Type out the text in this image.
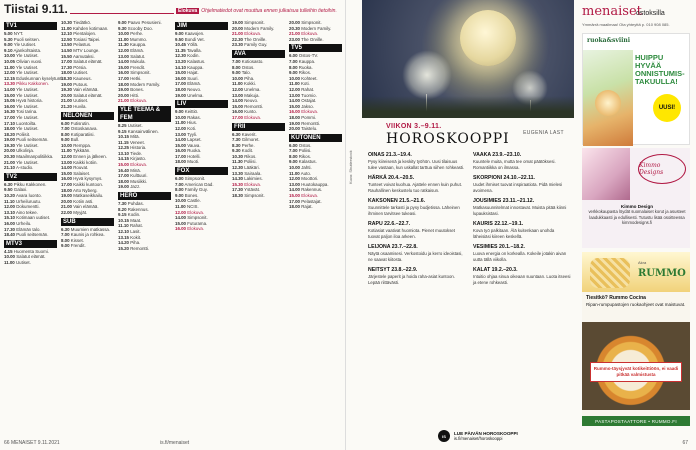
Tiistai 9.11.	Elokuva Ohjelmatiedot ovat muuttua ennen julkaisua tulleihin tietoihin.
TV1
5.00 NYT.
5.30 Puoli seitsen.
9.00 Yle Uutiset.
9.10 Ajankohtaista.
10.00 Yle Uutiset.
10.05 Olivian vuosi.
11.00 Yle Uutiset.
12.00 Yle Uutiset.
12.15 Eduskunnan kyselytunti.
13.30 Pikku Kakkonen.
14.00 Yle Uutiset.
15.00 Yle Uutiset.
15.05 Hyvä historia.
16.00 Yle Uutiset.
16.30 Tosi tarina.
17.00 Yle Uutiset.
17.10 Luontoilta.
18.00 Yle Uutiset.
18.20 Poliisit.
19.00 Puoli seitsemän.
19.30 Yle Uutiset.
20.00 Ulkolinja.
20.30 Maailmanpolitiikka.
21.00 Yle Uutiset.
21.10 A-studio.
TV2
6.30 Pikku Kakkonen.
9.50 Galaxi.
10.20 Avara luonto.
11.10 Urheiluruutu.
12.00 Dokumentti.
13.10 Aino tekee.
15.10 Kotimaan uutiset.
16.00 Urheilu.
17.30 Elämän talo.
18.40 Puoli seitsemän.
MTV3
4.15 Huomenta Suomi.
10.00 Salatut elämät.
11.00 Uutiset.
10.30 Tiedätkö.
11.00 Kahden kotimaan.
12.10 Pientalojen.
12.50 Tosiasi Taipei.
13.50 Pelastus.
14.50 MTV Lounge.
15.50 Aamutaksi.
17.00 Salatut elämät.
17.30 Pörsia.
18.00 Uutiset.
18.30 Kauneus.
19.00 Putous.
19.30 Vain elämää.
20.00 Salatut elämät.
21.00 Uutiset.
21.20 Huvila.
NELONEN
6.00 Futisrutin.
7.00 Ostoskanava.
8.00 Kotiparatiisi.
9.00 Bull.
10.00 Remppa.
11.00 Tykkään.
12.00 Ennen ja jälkeen.
13.00 Kaikki kotiin.
14.00 Rouvat.
15.00 Salaiset.
16.00 Hyvä kysymys.
17.00 Kaikki kuntoon.
18.00 Arto Nyberg.
19.00 Matkaseikkailu.
20.00 Kotiin asti.
21.00 Vain elämää.
22.00 Myyjät.
SUB
6.30 Muumien matkassa.
7.00 Kaunis ja rohkea.
8.00 Kisset.
9.00 Frendit.
9.00 Paavo Pesusieni.
9.30 Scooby Doo.
10.00 Perhe.
11.00 Mummo.
11.30 Kauppa.
12.00 Elämä.
13.00 Salatut.
14.00 Mukula.
15.00 Frendit.
16.00 Simpsonit.
17.00 Hetki.
18.00 Modern Family.
19.00 Bones.
20.00 Hitti.
21.00 Elokuva.
YLE TEEMA & FEM
8.25 Uutiset.
9.15 Kansainvälinen.
10.15 Mitä.
11.15 Veneet.
12.25 Historia.
13.10 Tiede.
14.15 Kirjasto.
15.00 Elokuva.
16.40 Minä.
17.00 Kulttuuri.
18.00 Musiikki.
19.00 Jazz.
HERO
7.30 Puhdas.
8.20 Rakennus.
9.15 Kodin.
10.15 Maat.
11.10 Rahat.
12.10 Lasit.
13.15 Kokit.
14.20 Piha.
15.20 Remontti.
JIM
9.00 Kaavojen.
9.50 Bondi Vet.
10.45 Yöllä.
11.35 Tavalla.
12.30 Kodin.
13.20 Kalastus.
14.10 Kauppa.
15.00 Hajat.
16.00 Suuri.
17.00 Elämä.
18.00 Neuvo.
19.00 Unelma.
LIV
9.00 Keittiö.
10.00 Rakas.
11.00 Hius.
12.00 Koti.
13.00 Tyyli.
14.00 Lapset.
15.00 Vauva.
16.00 Ruoka.
17.00 Hotelli.
18.00 Muoti.
FOX
6.00 Simpsonit.
7.00 American Dad.
8.00 Family Guy.
9.00 Bones.
10.00 Castle.
11.00 NCIS.
12.00 Elokuva.
14.00 Simpsonit.
15.00 Futurama.
16.00 Elokuva.
19.00 Simpsonit.
20.00 Modern Family.
21.00 Elokuva.
22.30 The Orville.
23.30 Family Guy.
AVA
7.00 Kotiosasto.
8.00 Ostos.
9.00 Talo.
10.00 Piha.
11.00 Kokki.
12.00 Unelma.
13.00 Makuja.
14.00 Neuvo.
15.00 Remontti.
16.00 Kunto.
17.00 Elokuva.
FRII
6.30 Kaverit.
7.30 Gilmoret.
8.30 Perhe.
9.30 Kodit.
10.30 Rikos.
11.30 Poliisi.
12.30 Lääkäri.
13.30 Sairaala.
14.30 Lakimies.
15.30 Elokuva.
17.30 Ystävät.
18.30 Simpsonit.
20.00 Simpsonit.
20.30 Modern Family.
21.00 Elokuva.
23.00 The Orville.
TV5
6.00 Ostos-TV.
7.00 Kauppa.
8.00 Ruoka.
9.00 Rikos.
10.00 Kohteet.
11.00 Koti.
12.00 Rahat.
13.00 Tuomio.
14.00 Ostajat.
15.00 Jakso.
16.00 Elokuva.
18.00 Pommi.
19.00 Remontti.
20.00 Taistelu.
KUTONEN
6.00 Ostos.
7.00 Poliisi.
8.00 Rikos.
9.00 Kalastus.
10.00 Jahti.
11.00 Auto.
12.00 Moottori.
13.00 Huutokauppa.
14.00 Rakennus.
15.00 Elokuva.
17.00 Pelastajat.
18.00 Rajat.
66 MENAISET 9.11.2021	is.fi/menaiset
Kuva: Shutterstock
VIIKON 3.–9.11.
HOROSKOOPPI	EUGENIA LAST
OINAS 21.3.–19.4.
Pysy kiireisenä ja keskity työhön. Uusi tilaisuus tulee vastaan, kun uskallat tarttua siihen rohkeasti.
HÄRKÄ 20.4.–20.5.
Tunteet voivat kuohua. Ajattele ennen kuin puhut. Rauhallinen keskustelu tuo ratkaisun.
KAKSONEN 21.5.–21.6.
Suunnittele tarkasti ja pysy budjetissa. Läheinen ihminen tarvitsee tukeasi.
RAPU 22.6.–22.7.
Kotiasiat vaativat huomiota. Pienet muutokset tuovat paljon iloa arkeen.
LEIJONA 23.7.–22.8.
Näytä osaamisesi. Verkostoidu ja kerro ideoistasi, ne saavat kiitosta.
NEITSYT 23.8.–22.9.
Järjestele paperit ja hoida raha-asiat kuntoon. Lepää riittävästi.
VAAKA 23.9.–23.10.
Kuuntele muita, mutta tee omat päätöksesi. Romantiikka on ilmassa.
SKORPIONI 24.10.–22.11.
Uudet ihmiset tuovat inspiraatiota. Pidä mielesi avoimena.
JOUSIMIES 23.11.–21.12.
Matkasuunnitelmat innostavat. Muista pitää kiinni lupauksistasi.
KAURIS 22.12.–19.1.
Kova työ palkitaan. Älä kuitenkaan unohda läheisiäsi kiireen keskellä.
VESIMIES 20.1.–18.2.
Luova energia on korkealla. Kokeile jotakin aivan uutta tällä viikolla.
KALAT 19.2.–20.3.
Intuitio ohjaa sinua oikeaan suuntaan. Luota itseesi ja etene rohkeasti.
IS
LUE PÄIVÄN HOROSKOOPPI
is.fi/menaiset/horoskooppi
menaiset
ostoksilla
Ymmärrä maailmaa! Ota yhteyttä p. 010 908 085.
ruoka&sviini
HUIPPU HYVÄÄ ONNISTUMIS-TAKUULLA!
UUSI!
Kimmo Designs
Kimmo Design
verkkokaupasta löydät suomalaiset korut ja asusteet laadukkaasti ja edullisesti. Tutustu lisää osoitteessa kimmodesigns.fi
Akra
RUMMO
Tiesitkö? Rummo Cocina
Ripan-rumpupastojen ruokaohjeet ovat maistuvat.
Rummo-täysjyvät kotikeittiöön, ei vaadi pitkää valmistusta
PASTAPOSTAATTORE • RUMMO.FI
67
